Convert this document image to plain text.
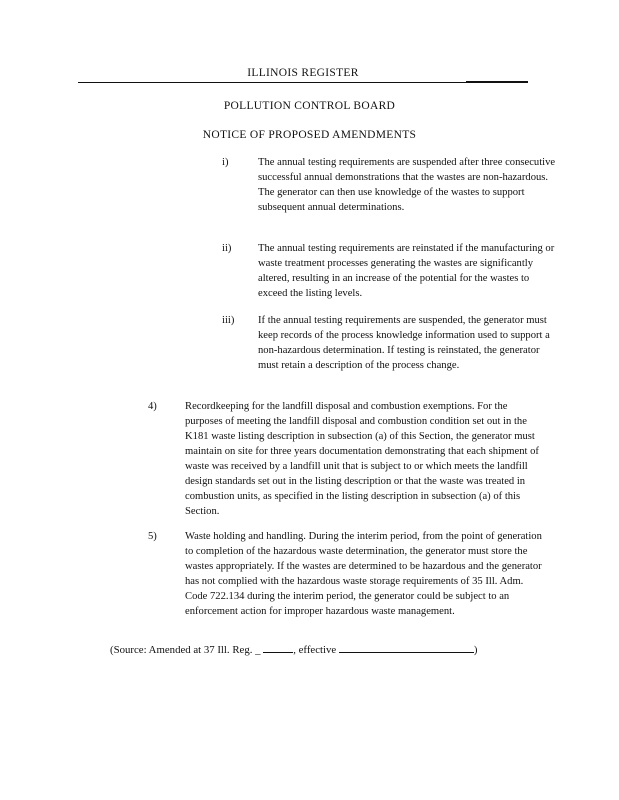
ILLINOIS REGISTER
POLLUTION CONTROL BOARD
NOTICE OF PROPOSED AMENDMENTS
i)	The annual testing requirements are suspended after three consecutive successful annual demonstrations that the wastes are non-hazardous. The generator can then use knowledge of the wastes to support subsequent annual determinations.
ii)	The annual testing requirements are reinstated if the manufacturing or waste treatment processes generating the wastes are significantly altered, resulting in an increase of the potential for the wastes to exceed the listing levels.
iii) If the annual testing requirements are suspended, the generator must keep records of the process knowledge information used to support a non-hazardous determination. If testing is reinstated, the generator must retain a description of the process change.
4)	Recordkeeping for the landfill disposal and combustion exemptions. For the purposes of meeting the landfill disposal and combustion condition set out in the K181 waste listing description in subsection (a) of this Section, the generator must maintain on site for three years documentation demonstrating that each shipment of waste was received by a landfill unit that is subject to or which meets the landfill design standards set out in the listing description or that the waste was treated in combustion units, as specified in the listing description in subsection (a) of this Section.
5)	Waste holding and handling. During the interim period, from the point of generation to completion of the hazardous waste determination, the generator must store the wastes appropriately. If the wastes are determined to be hazardous and the generator has not complied with the hazardous waste storage requirements of 35 Ill. Adm. Code 722.134 during the interim period, the generator could be subject to an enforcement action for improper hazardous waste management.
(Source: Amended at 37 Ill. Reg. _	, effective	)
